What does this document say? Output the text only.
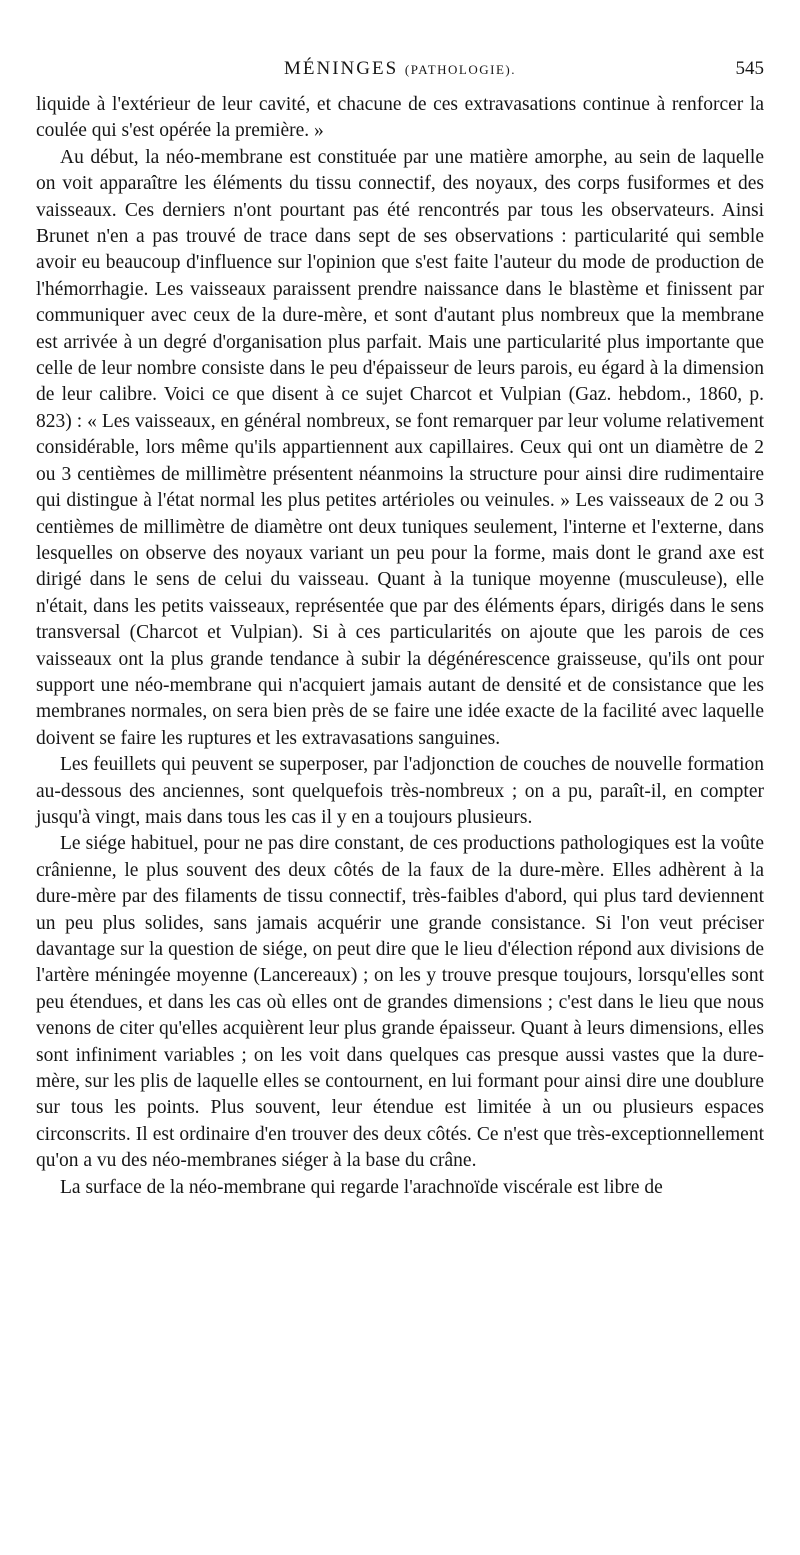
MÉNINGES (PATHOLOGIE).	545

liquide à l'extérieur de leur cavité, et chacune de ces extravasations continue à renforcer la coulée qui s'est opérée la première. »

Au début, la néo-membrane est constituée par une matière amorphe, au sein de laquelle on voit apparaître les éléments du tissu connectif, des noyaux, des corps fusiformes et des vaisseaux. Ces derniers n'ont pourtant pas été rencontrés par tous les observateurs. Ainsi Brunet n'en a pas trouvé de trace dans sept de ses observations : particularité qui semble avoir eu beaucoup d'influence sur l'opinion que s'est faite l'auteur du mode de production de l'hémorrhagie. Les vaisseaux paraissent prendre naissance dans le blastème et finissent par communiquer avec ceux de la dure-mère, et sont d'autant plus nombreux que la membrane est arrivée à un degré d'organisation plus parfait. Mais une particularité plus importante que celle de leur nombre consiste dans le peu d'épaisseur de leurs parois, eu égard à la dimension de leur calibre. Voici ce que disent à ce sujet Charcot et Vulpian (Gaz. hebdom., 1860, p. 823) : « Les vaisseaux, en général nombreux, se font remarquer par leur volume relativement considérable, lors même qu'ils appartiennent aux capillaires. Ceux qui ont un diamètre de 2 ou 3 centièmes de millimètre présentent néanmoins la structure pour ainsi dire rudimentaire qui distingue à l'état normal les plus petites artérioles ou veinules. » Les vaisseaux de 2 ou 3 centièmes de millimètre de diamètre ont deux tuniques seulement, l'interne et l'externe, dans lesquelles on observe des noyaux variant un peu pour la forme, mais dont le grand axe est dirigé dans le sens de celui du vaisseau. Quant à la tunique moyenne (musculeuse), elle n'était, dans les petits vaisseaux, représentée que par des éléments épars, dirigés dans le sens transversal (Charcot et Vulpian). Si à ces particularités on ajoute que les parois de ces vaisseaux ont la plus grande tendance à subir la dégénérescence graisseuse, qu'ils ont pour support une néo-membrane qui n'acquiert jamais autant de densité et de consistance que les membranes normales, on sera bien près de se faire une idée exacte de la facilité avec laquelle doivent se faire les ruptures et les extravasations sanguines.

Les feuillets qui peuvent se superposer, par l'adjonction de couches de nouvelle formation au-dessous des anciennes, sont quelquefois très-nombreux ; on a pu, paraît-il, en compter jusqu'à vingt, mais dans tous les cas il y en a toujours plusieurs.

Le siége habituel, pour ne pas dire constant, de ces productions pathologiques est la voûte crânienne, le plus souvent des deux côtés de la faux de la dure-mère. Elles adhèrent à la dure-mère par des filaments de tissu connectif, très-faibles d'abord, qui plus tard deviennent un peu plus solides, sans jamais acquérir une grande consistance. Si l'on veut préciser davantage sur la question de siége, on peut dire que le lieu d'élection répond aux divisions de l'artère méningée moyenne (Lancereaux) ; on les y trouve presque toujours, lorsqu'elles sont peu étendues, et dans les cas où elles ont de grandes dimensions ; c'est dans le lieu que nous venons de citer qu'elles acquièrent leur plus grande épaisseur. Quant à leurs dimensions, elles sont infiniment variables ; on les voit dans quelques cas presque aussi vastes que la dure-mère, sur les plis de laquelle elles se contournent, en lui formant pour ainsi dire une doublure sur tous les points. Plus souvent, leur étendue est limitée à un ou plusieurs espaces circonscrits. Il est ordinaire d'en trouver des deux côtés. Ce n'est que très-exceptionnellement qu'on a vu des néo-membranes siéger à la base du crâne.

La surface de la néo-membrane qui regarde l'arachnoïde viscérale est libre de
